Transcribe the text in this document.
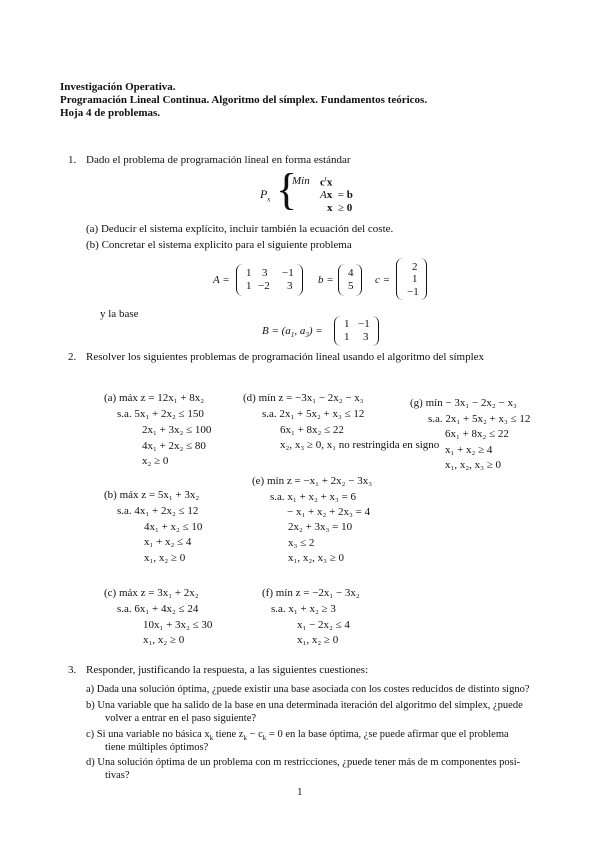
Investigación Operativa.
Programación Lineal Continua. Algoritmo del símplex. Fundamentos teóricos.
Hoja 4 de problemas.
1. Dado el problema de programación lineal en forma estándar
$P_s$ {
Min $c^tx$
Ax = b
x ≥ 0
(a) Deducir el sistema explícito, incluir también la ecuación del coste.
(b) Concretar el sistema explicito para el siguiente problema
A =
1 3 −1
1 −2 3 b =
4
5 c =
2
1
−1
y la base
$B = (a_1$, $a_3$) =
1 −1
1 3
2. Resolver los siguientes problemas de programación lineal usando el algoritmo del símplex
(a) máx z = 12x₁ + 8x₂
s.a. 5x₁ + 2x₂ ≤ 150
2x₁ + 3x₂ ≤ 100
4x₁ + 2x₂ ≤ 80
x₂ ≥ 0
(b) máx z = 5x₁ + 3x₂
s.a. 4x₁ + 2x₂ ≤ 12
4x₁ + x₂ ≤ 10
x₁ + x₂ ≤ 4
x₁, x₂ ≥ 0
(c) máx z = 3x₁ + 2x₂
s.a. 6x₁ + 4x₂ ≤ 24
10x₁ + 3x₂ ≤ 30
x₁, x₂ ≥ 0
(d) mín z = −3x₁ − 2x₂ − x₃
s.a. 2x₁ + 5x₂ + x₃ ≤ 12
6x₁ + 8x₂ ≤ 22
x₂, x₃ ≥ 0, x₁ no restringida en signo
(e) mín z = −x₁ + 2x₂ − 3x₃
s.a. x₁ + x₂ + x₃ = 6
− x₁ + x₂ + 2x₃ = 4
2x₂ + 3x₃ = 10
x₃ ≤ 2
x₁, x₂, x₃ ≥ 0
(f) mín z = −2x₁ − 3x₂
s.a. x₁ + x₂ ≥ 3
x₁ − 2x₂ ≤ 4
x₁, x₂ ≥ 0
(g) mín − 3x₁ − 2x₂ − x₃
s.a. 2x₁ + 5x₂ + x₃ ≤ 12
6x₁ + 8x₂ ≤ 22
x₁ + x₂ ≥ 4
x₁, x₂, x₃ ≥ 0
3. Responder, justificando la respuesta, a las siguientes cuestiones:
a) Dada una solución óptima, ¿puede existir una base asociada con los costes reducidos de distinto signo?
b) Una variable que ha salido de la base en una determinada iteración del algoritmo del símplex, ¿puede
volver a entrar en el paso siguiente?
c) Si una variable no básica $x_k$ tiene $z_k - c_k = 0$ en la base óptima, ¿se puede afirmar que el problema
tiene múltiples óptimos?
d) Una solución óptima de un problema con m restricciones, ¿puede tener más de m componentes posi-
tivas?
1
